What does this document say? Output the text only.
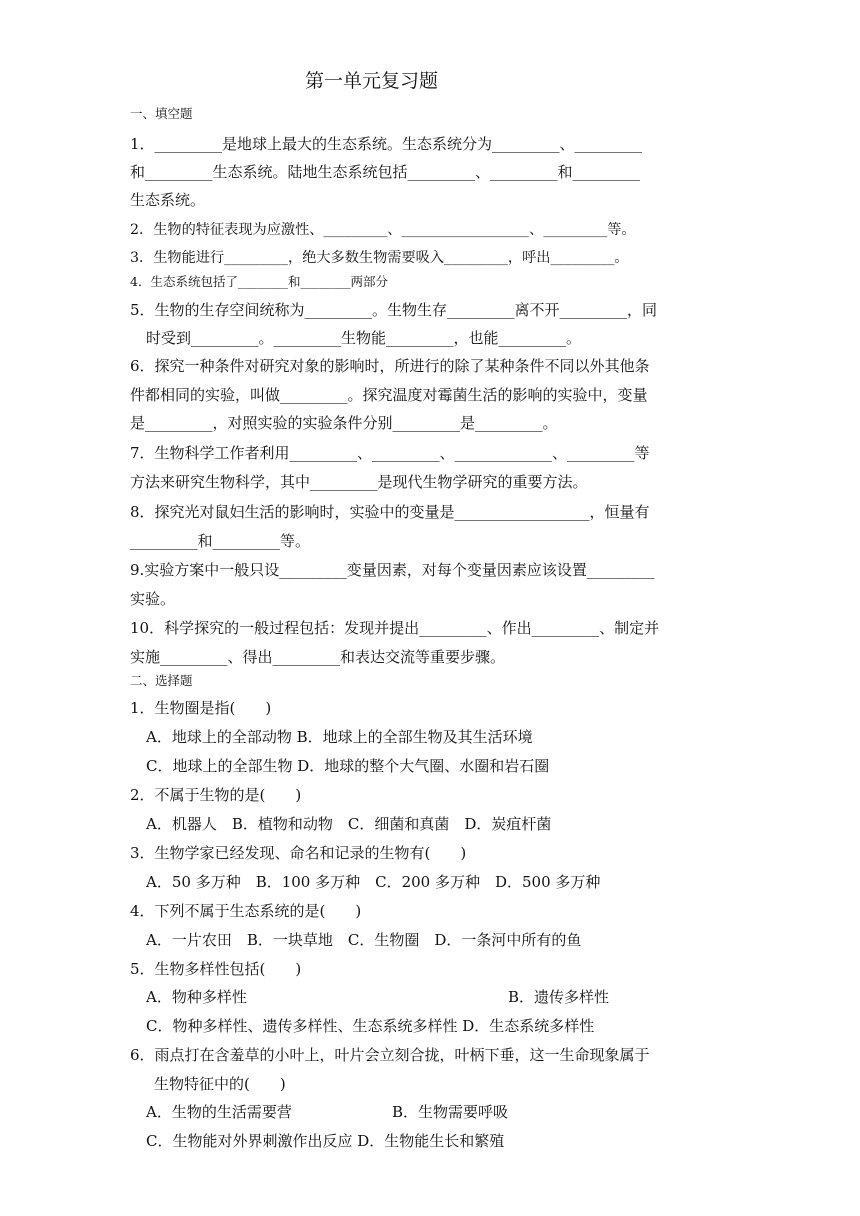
第一单元复习题
一、填空题
1．_________是地球上最大的生态系统。生态系统分为_________、_________
和_________生态系统。陆地生态系统包括_________、_________和_________
生态系统。
2．生物的特征表现为应激性、_________、__________________、_________等。
3．生物能进行_________，绝大多数生物需要吸入_________，呼出_________。
4．生态系统包括了________和________两部分
5．生物的生存空间统称为_________。生物生存_________离不开_________，同
时受到_________。_________生物能_________，也能_________。
6．探究一种条件对研究对象的影响时，所进行的除了某种条件不同以外其他条
件都相同的实验，叫做_________。探究温度对霉菌生活的影响的实验中，变量
是_________，对照实验的实验条件分别_________是_________。
7．生物科学工作者利用_________、_________、_____________、_________等
方法来研究生物科学，其中_________是现代生物学研究的重要方法。
8．探究光对鼠妇生活的影响时，实验中的变量是__________________，恒量有
_________和_________等。
9.实验方案中一般只设_________变量因素，对每个变量因素应该设置_________
实验。
10．科学探究的一般过程包括：发现并提出_________、作出_________、制定并
实施_________、得出_________和表达交流等重要步骤。
二、选择题
1．生物圈是指(　　)
A．地球上的全部动物 B．地球上的全部生物及其生活环境
C．地球上的全部生物 D．地球的整个大气圈、水圈和岩石圈
2．不属于生物的是(　　)
A．机器人　B．植物和动物　C．细菌和真菌　D．炭疽杆菌
3．生物学家已经发现、命名和记录的生物有(　　)
A．50 多万种　B．100 多万种　C．200 多万种　D．500 多万种
4．下列不属于生态系统的是(　　)
A．一片农田　B．一块草地　C．生物圈　D．一条河中所有的鱼
5．生物多样性包括(　　)
A．物种多样性	B．遗传多样性
C．物种多样性、遗传多样性、生态系统多样性 D．生态系统多样性
6．雨点打在含羞草的小叶上，叶片会立刻合拢，叶柄下垂，这一生命现象属于
生物特征中的(　　)
A．生物的生活需要营	B．生物需要呼吸
C．生物能对外界刺激作出反应 D．生物能生长和繁殖
